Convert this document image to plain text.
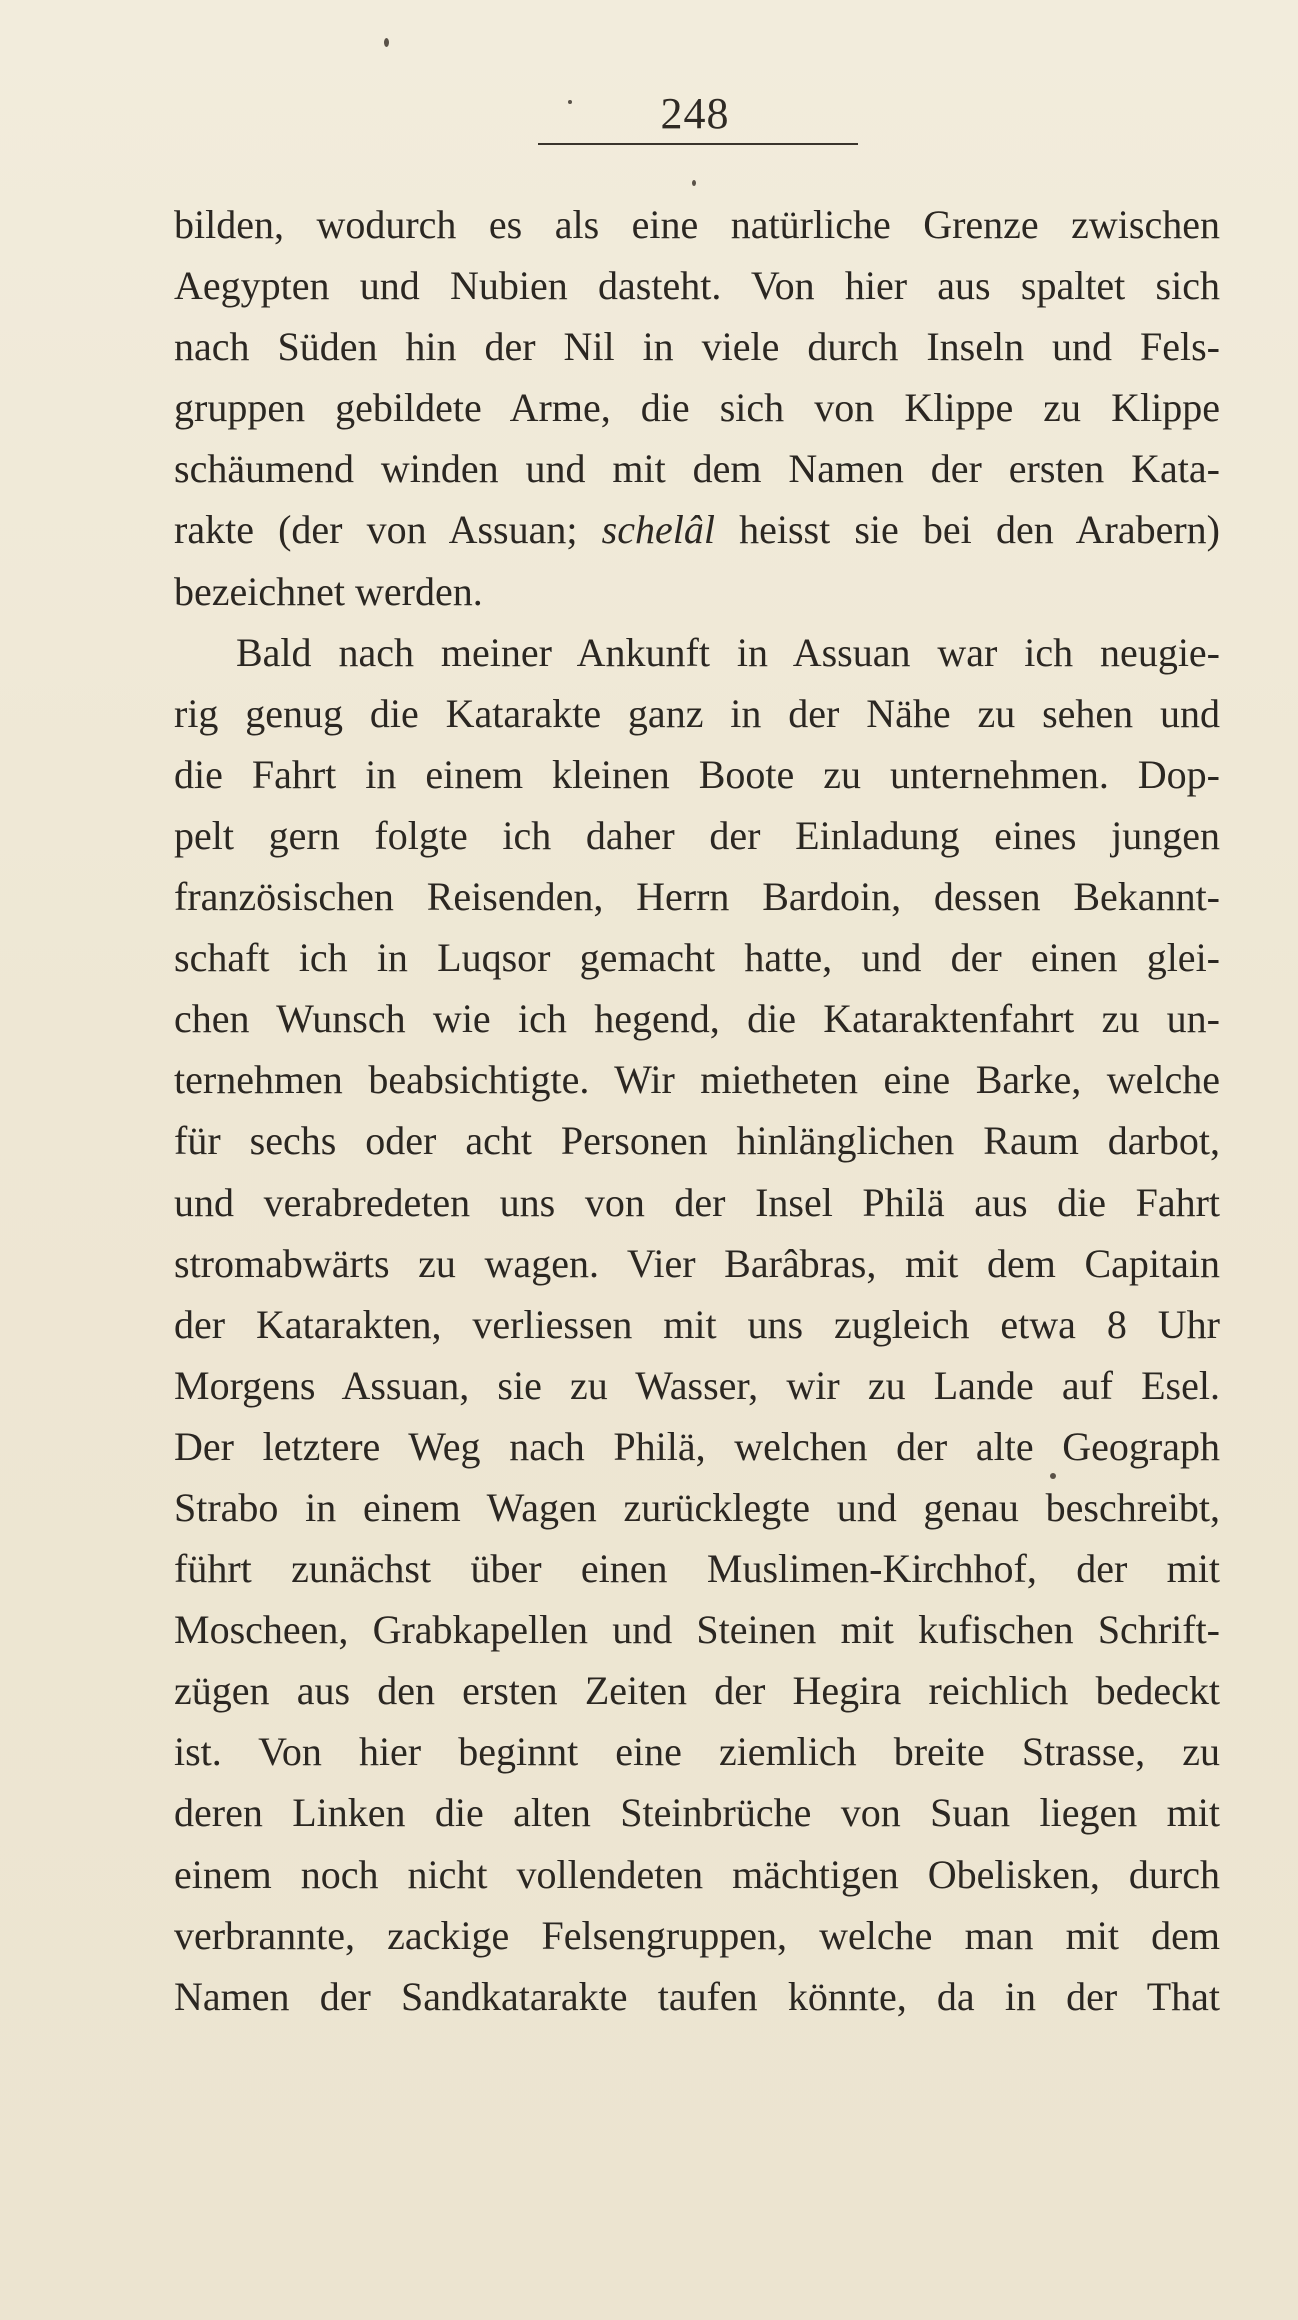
248
bilden, wodurch es als eine natürliche Grenze zwischen
Aegypten und Nubien dasteht. Von hier aus spaltet sich
nach Süden hin der Nil in viele durch Inseln und Fels-
gruppen gebildete Arme, die sich von Klippe zu Klippe
schäumend winden und mit dem Namen der ersten Kata-
rakte (der von Assuan; schelâl heisst sie bei den Arabern)
bezeichnet werden.
Bald nach meiner Ankunft in Assuan war ich neugie-
rig genug die Katarakte ganz in der Nähe zu sehen und
die Fahrt in einem kleinen Boote zu unternehmen. Dop-
pelt gern folgte ich daher der Einladung eines jungen
französischen Reisenden, Herrn Bardoin, dessen Bekannt-
schaft ich in Luqsor gemacht hatte, und der einen glei-
chen Wunsch wie ich hegend, die Kataraktenfahrt zu un-
ternehmen beabsichtigte. Wir mietheten eine Barke, welche
für sechs oder acht Personen hinlänglichen Raum darbot,
und verabredeten uns von der Insel Philä aus die Fahrt
stromabwärts zu wagen. Vier Barâbras, mit dem Capitain
der Katarakten, verliessen mit uns zugleich etwa 8 Uhr
Morgens Assuan, sie zu Wasser, wir zu Lande auf Esel.
Der letztere Weg nach Philä, welchen der alte Geograph
Strabo in einem Wagen zurücklegte und genau beschreibt,
führt zunächst über einen Muslimen-Kirchhof, der mit
Moscheen, Grabkapellen und Steinen mit kufischen Schrift-
zügen aus den ersten Zeiten der Hegira reichlich bedeckt
ist. Von hier beginnt eine ziemlich breite Strasse, zu
deren Linken die alten Steinbrüche von Suan liegen mit
einem noch nicht vollendeten mächtigen Obelisken, durch
verbrannte, zackige Felsengruppen, welche man mit dem
Namen der Sandkatarakte taufen könnte, da in der That
